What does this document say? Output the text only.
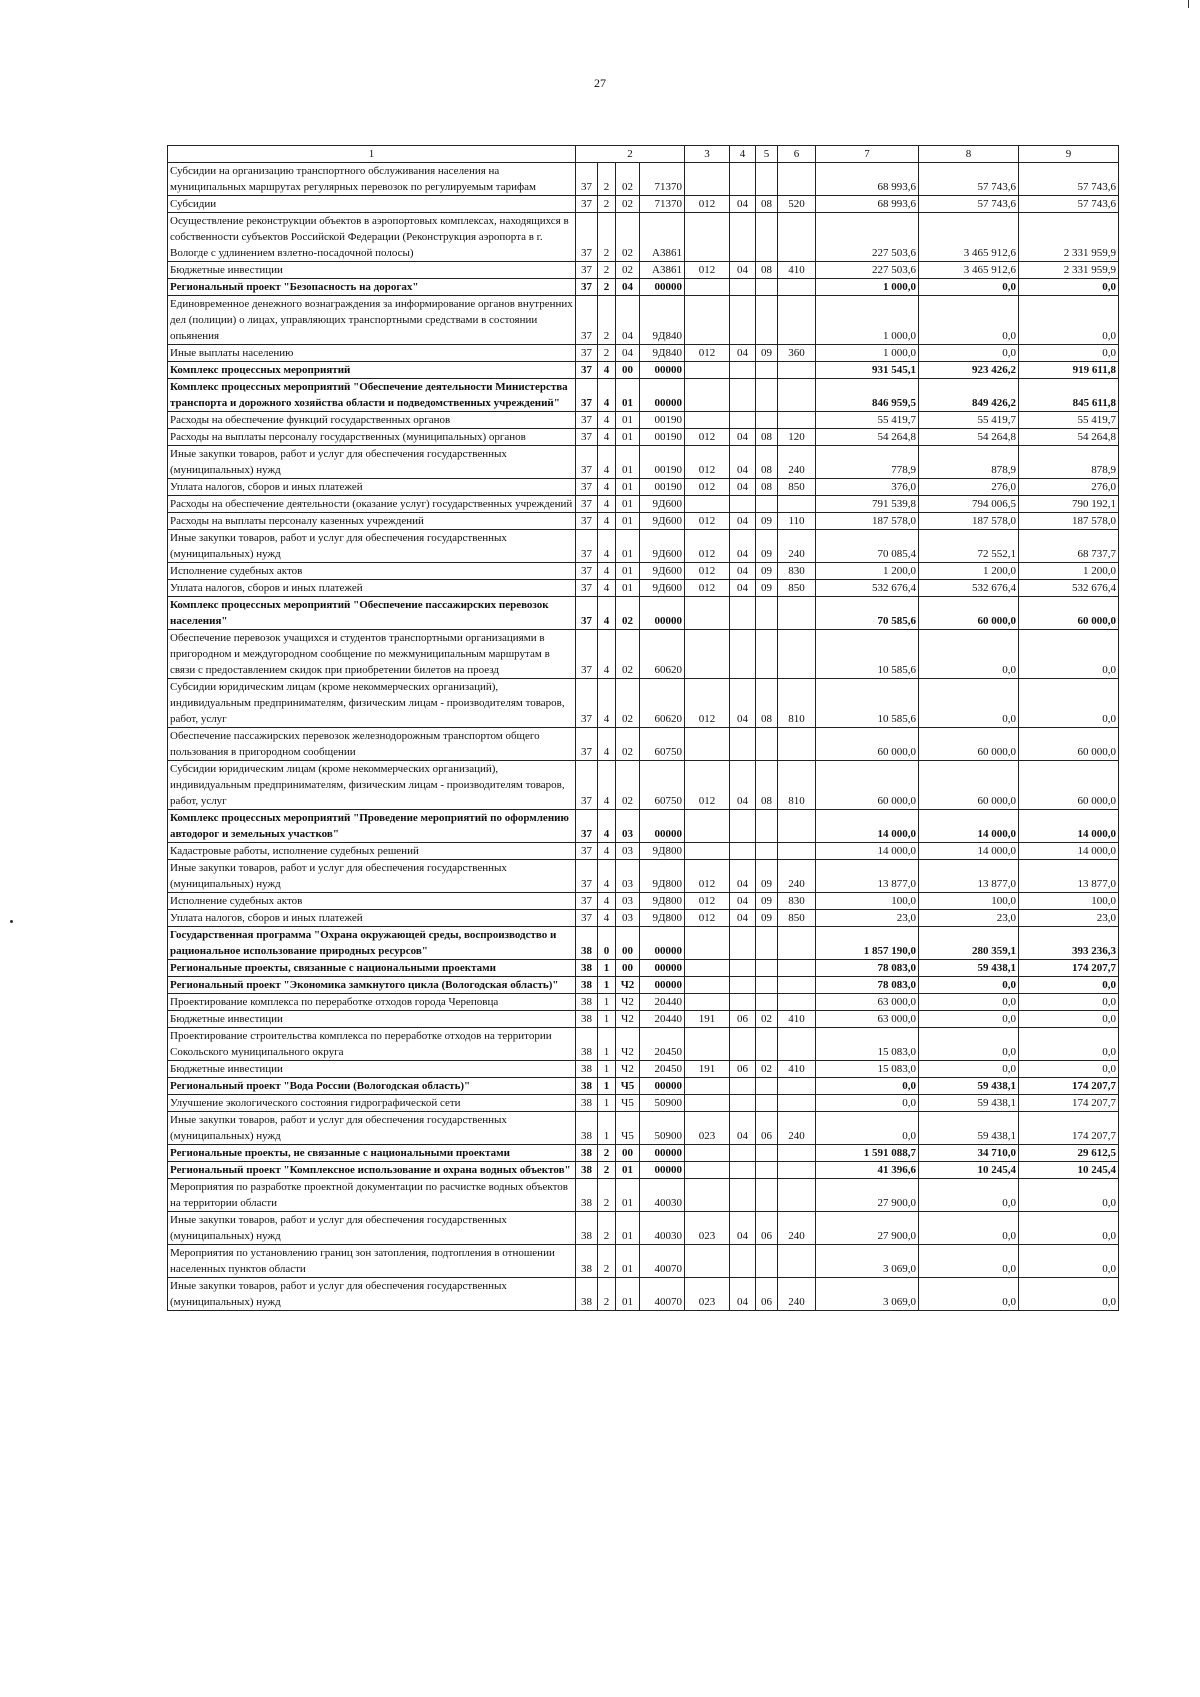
27
1	2				3	4	5	6	7	8	9
Субсидии на организацию транспортного обслуживания населения на муниципальных маршрутах регулярных перевозок по регулируемым тарифам	37	2	02	71370					68 993,6	57 743,6	57 743,6
Субсидии	37	2	02	71370	012	04	08	520	68 993,6	57 743,6	57 743,6
Осуществление реконструкции объектов в аэропортовых комплексах, находящихся в собственности субъектов Российской Федерации (Реконструкция аэропорта в г. Вологде с удлинением взлетно-посадочной полосы)	37	2	02	А3861					227 503,6	3 465 912,6	2 331 959,9
Бюджетные инвестиции	37	2	02	А3861	012	04	08	410	227 503,6	3 465 912,6	2 331 959,9
Региональный проект "Безопасность на дорогах"	37	2	04	00000					1 000,0	0,0	0,0
Единовременное денежного вознаграждения за информирование органов внутренних дел (полиции) о лицах, управляющих транспортными средствами в состоянии опьянения	37	2	04	9Д840					1 000,0	0,0	0,0
Иные выплаты населению	37	2	04	9Д840	012	04	09	360	1 000,0	0,0	0,0
Комплекс процессных мероприятий	37	4	00	00000					931 545,1	923 426,2	919 611,8
Комплекс процессных мероприятий "Обеспечение деятельности Министерства транспорта и дорожного хозяйства области и подведомственных учреждений"	37	4	01	00000					846 959,5	849 426,2	845 611,8
Расходы на обеспечение функций государственных органов	37	4	01	00190					55 419,7	55 419,7	55 419,7
Расходы на выплаты персоналу государственных (муниципальных) органов	37	4	01	00190	012	04	08	120	54 264,8	54 264,8	54 264,8
Иные закупки товаров, работ и услуг для обеспечения государственных (муниципальных) нужд	37	4	01	00190	012	04	08	240	778,9	878,9	878,9
Уплата налогов, сборов и иных платежей	37	4	01	00190	012	04	08	850	376,0	276,0	276,0
Расходы на обеспечение деятельности (оказание услуг) государственных учреждений	37	4	01	9Д600					791 539,8	794 006,5	790 192,1
Расходы на выплаты персоналу казенных учреждений	37	4	01	9Д600	012	04	09	110	187 578,0	187 578,0	187 578,0
Иные закупки товаров, работ и услуг для обеспечения государственных (муниципальных) нужд	37	4	01	9Д600	012	04	09	240	70 085,4	72 552,1	68 737,7
Исполнение судебных актов	37	4	01	9Д600	012	04	09	830	1 200,0	1 200,0	1 200,0
Уплата налогов, сборов и иных платежей	37	4	01	9Д600	012	04	09	850	532 676,4	532 676,4	532 676,4
Комплекс процессных мероприятий "Обеспечение пассажирских перевозок населения"	37	4	02	00000					70 585,6	60 000,0	60 000,0
Обеспечение перевозок учащихся и студентов транспортными организациями в пригородном и междугородном сообщение по межмуниципальным маршрутам в связи с предоставлением скидок при приобретении билетов на проезд	37	4	02	60620					10 585,6	0,0	0,0
Субсидии юридическим лицам (кроме некоммерческих организаций), индивидуальным предпринимателям, физическим лицам - производителям товаров, работ, услуг	37	4	02	60620	012	04	08	810	10 585,6	0,0	0,0
Обеспечение пассажирских перевозок железнодорожным транспортом общего пользования в пригородном сообщении	37	4	02	60750					60 000,0	60 000,0	60 000,0
Субсидии юридическим лицам (кроме некоммерческих организаций), индивидуальным предпринимателям, физическим лицам - производителям товаров, работ, услуг	37	4	02	60750	012	04	08	810	60 000,0	60 000,0	60 000,0
Комплекс процессных мероприятий "Проведение мероприятий по оформлению автодорог и земельных участков"	37	4	03	00000					14 000,0	14 000,0	14 000,0
Кадастровые работы, исполнение судебных решений	37	4	03	9Д800					14 000,0	14 000,0	14 000,0
Иные закупки товаров, работ и услуг для обеспечения государственных (муниципальных) нужд	37	4	03	9Д800	012	04	09	240	13 877,0	13 877,0	13 877,0
Исполнение судебных актов	37	4	03	9Д800	012	04	09	830	100,0	100,0	100,0
Уплата налогов, сборов и иных платежей	37	4	03	9Д800	012	04	09	850	23,0	23,0	23,0
Государственная программа "Охрана окружающей среды, воспроизводство и рациональное использование природных ресурсов"	38	0	00	00000					1 857 190,0	280 359,1	393 236,3
Региональные проекты, связанные с национальными проектами	38	1	00	00000					78 083,0	59 438,1	174 207,7
Региональный проект "Экономика замкнутого цикла (Вологодская область)"	38	1	Ч2	00000					78 083,0	0,0	0,0
Проектирование комплекса по переработке отходов города Череповца	38	1	Ч2	20440					63 000,0	0,0	0,0
Бюджетные инвестиции	38	1	Ч2	20440	191	06	02	410	63 000,0	0,0	0,0
Проектирование строительства комплекса по переработке отходов на территории Сокольского муниципального округа	38	1	Ч2	20450					15 083,0	0,0	0,0
Бюджетные инвестиции	38	1	Ч2	20450	191	06	02	410	15 083,0	0,0	0,0
Региональный проект "Вода России (Вологодская область)"	38	1	Ч5	00000					0,0	59 438,1	174 207,7
Улучшение экологического состояния гидрографической сети	38	1	Ч5	50900					0,0	59 438,1	174 207,7
Иные закупки товаров, работ и услуг для обеспечения государственных (муниципальных) нужд	38	1	Ч5	50900	023	04	06	240	0,0	59 438,1	174 207,7
Региональные проекты, не связанные с национальными проектами	38	2	00	00000					1 591 088,7	34 710,0	29 612,5
Региональный проект "Комплексное использование и охрана водных объектов"	38	2	01	00000					41 396,6	10 245,4	10 245,4
Мероприятия по разработке проектной документации по расчистке водных объектов на территории области	38	2	01	40030					27 900,0	0,0	0,0
Иные закупки товаров, работ и услуг для обеспечения государственных (муниципальных) нужд	38	2	01	40030	023	04	06	240	27 900,0	0,0	0,0
Мероприятия по установлению границ зон затопления, подтопления в отношении населенных пунктов области	38	2	01	40070					3 069,0	0,0	0,0
Иные закупки товаров, работ и услуг для обеспечения государственных (муниципальных) нужд	38	2	01	40070	023	04	06	240	3 069,0	0,0	0,0
